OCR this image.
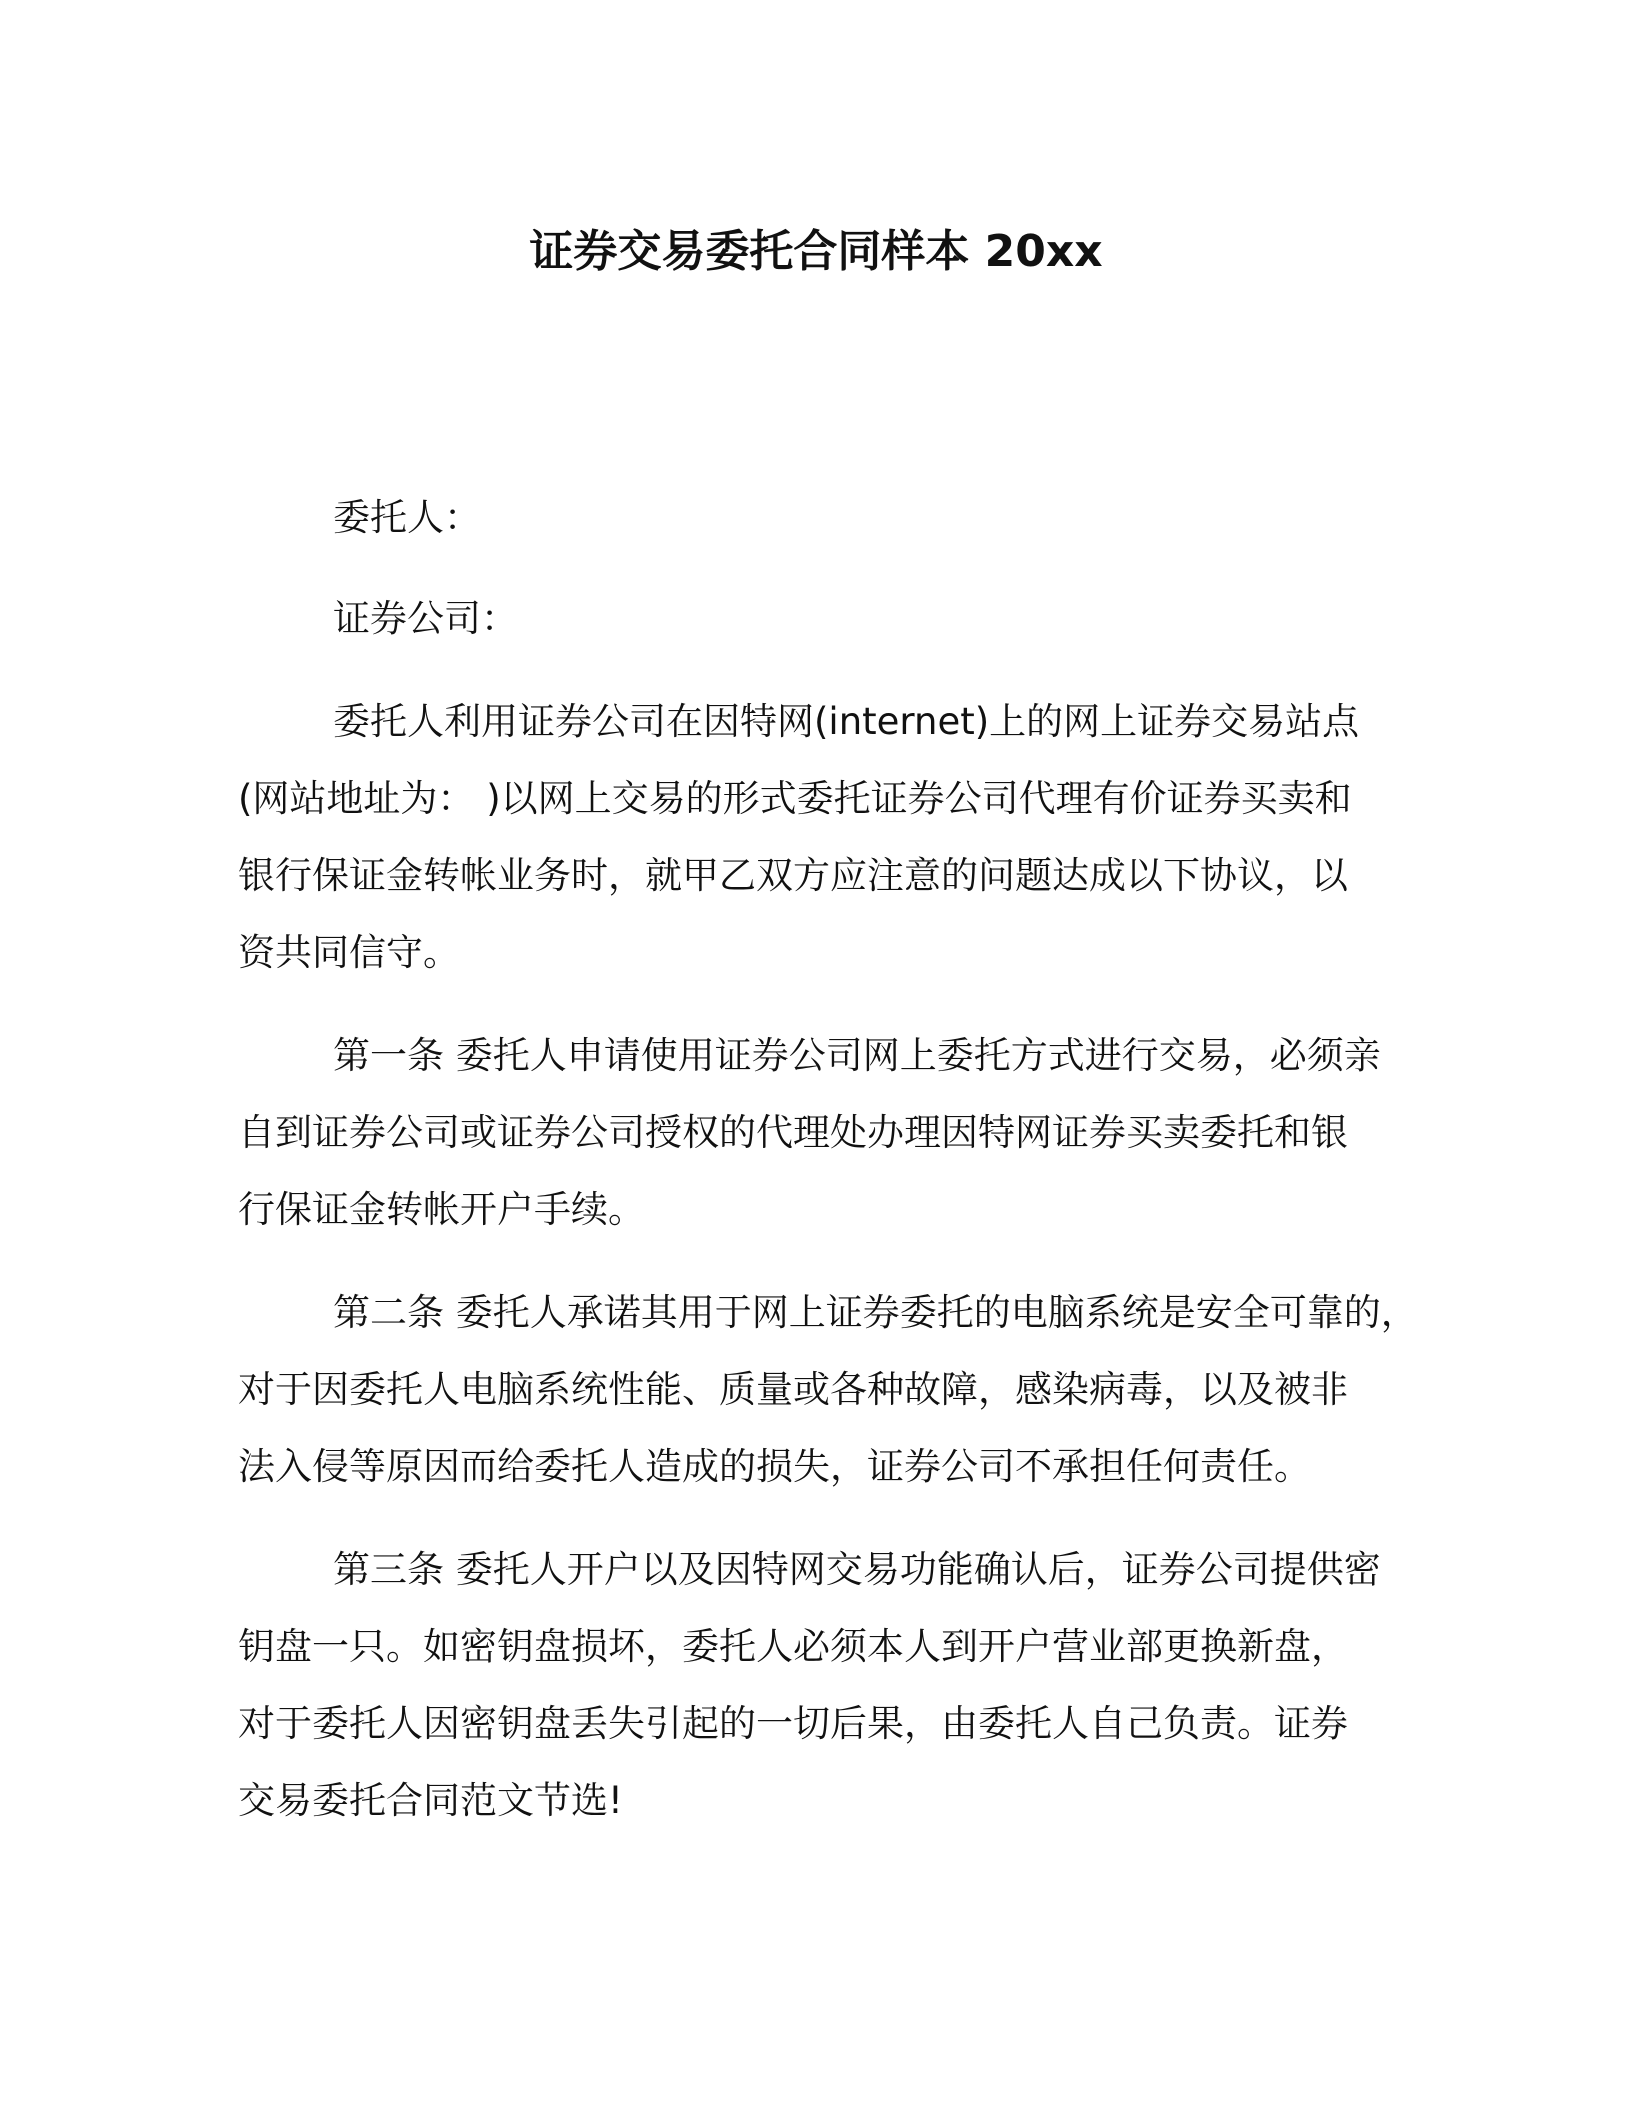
证券交易委托合同样本 20xx

委托人：

证券公司：

委托人利用证券公司在因特网(internet)上的网上证券交易站点

(网站地址为： )以网上交易的形式委托证券公司代理有价证券买卖和

银行保证金转帐业务时，就甲乙双方应注意的问题达成以下协议，以

资共同信守。

第一条 委托人申请使用证券公司网上委托方式进行交易，必须亲

自到证券公司或证券公司授权的代理处办理因特网证券买卖委托和银

行保证金转帐开户手续。

第二条 委托人承诺其用于网上证券委托的电脑系统是安全可靠的，

对于因委托人电脑系统性能、质量或各种故障，感染病毒，以及被非

法入侵等原因而给委托人造成的损失，证券公司不承担任何责任。

第三条 委托人开户以及因特网交易功能确认后，证券公司提供密

钥盘一只。如密钥盘损坏，委托人必须本人到开户营业部更换新盘，

对于委托人因密钥盘丢失引起的一切后果，由委托人自己负责。证券

交易委托合同范文节选!
